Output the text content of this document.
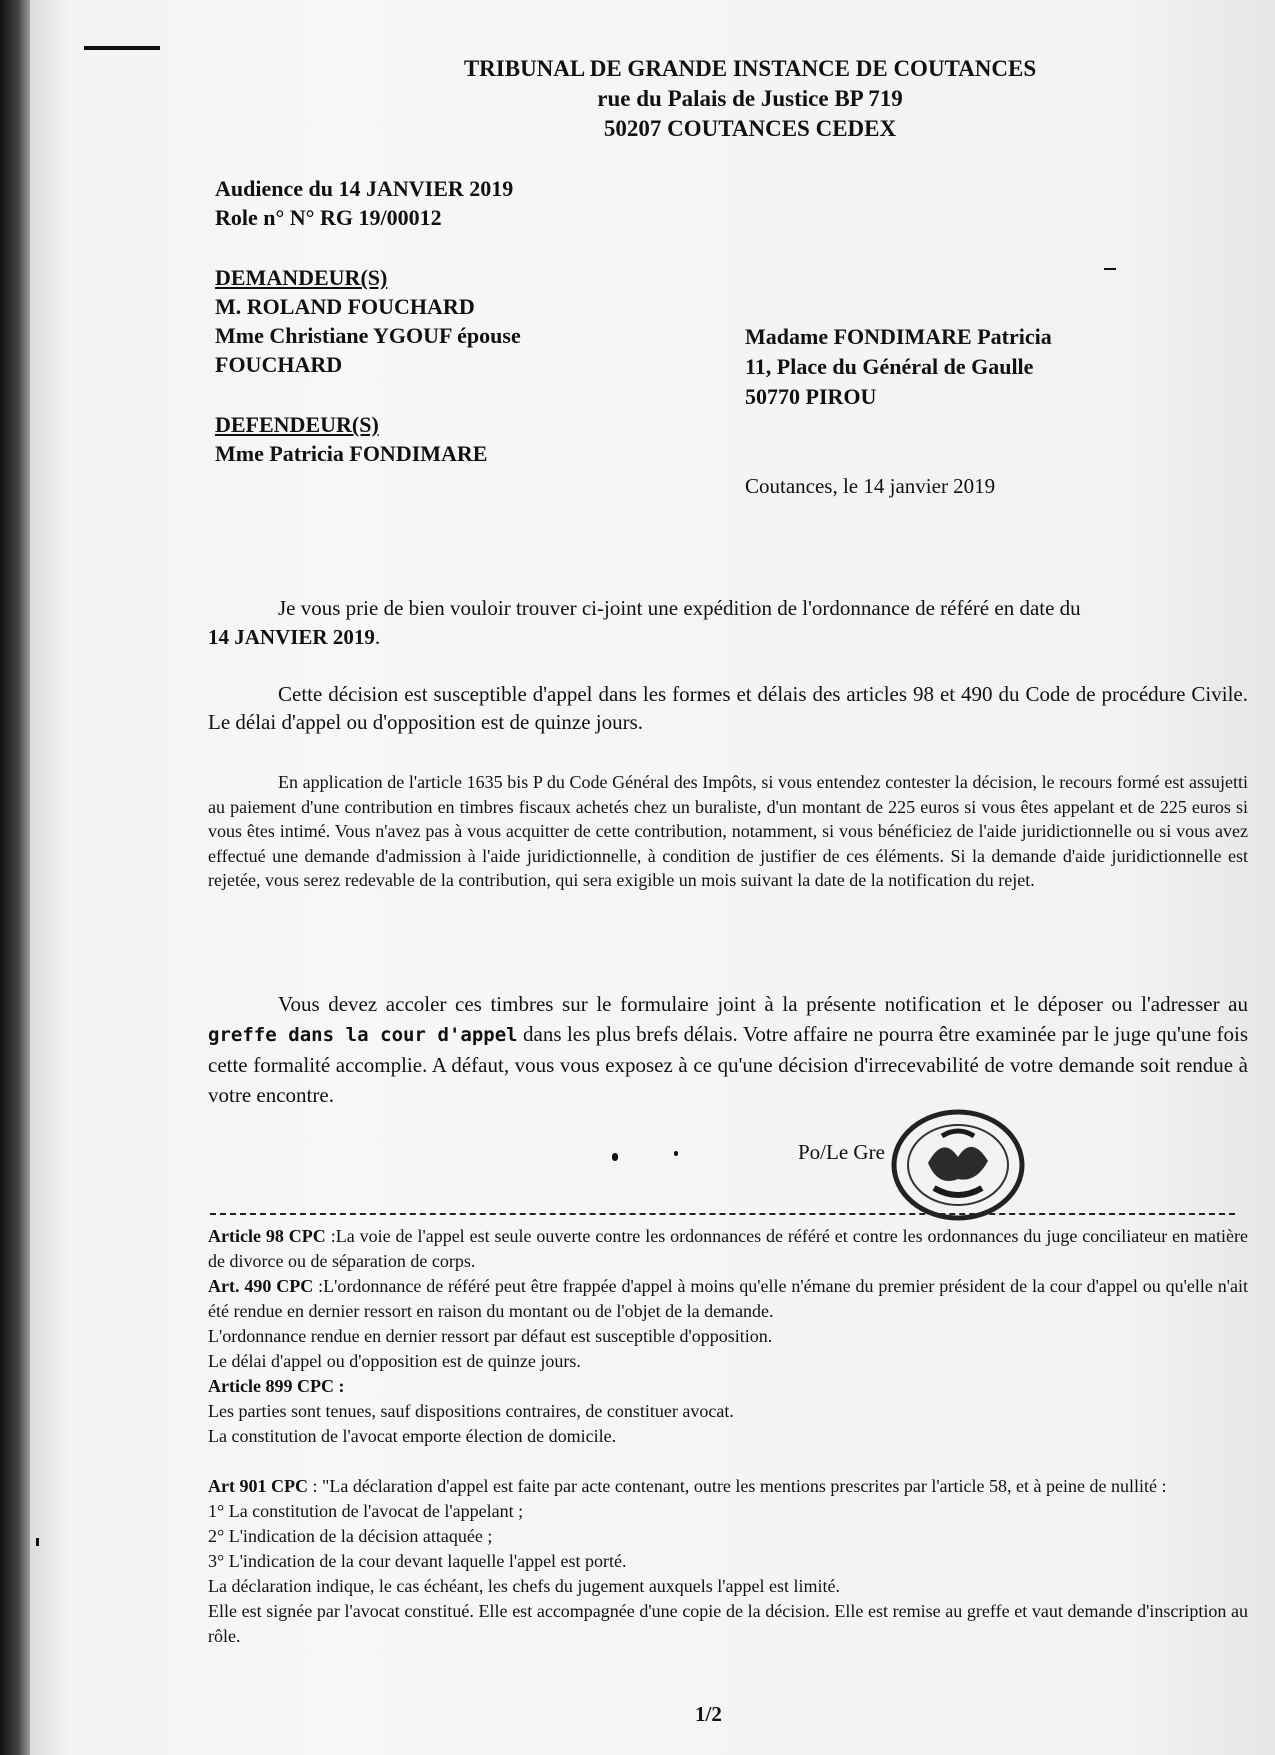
TRIBUNAL DE GRANDE INSTANCE DE COUTANCES
rue du Palais de Justice BP 719
50207 COUTANCES CEDEX
Audience du 14 JANVIER 2019
Role n° N° RG 19/00012
DEMANDEUR(S)
M. ROLAND FOUCHARD
Mme Christiane YGOUF épouse
FOUCHARD
DEFENDEUR(S)
Mme Patricia FONDIMARE
Madame FONDIMARE Patricia
11, Place du Général de Gaulle
50770 PIROU
Coutances, le 14 janvier 2019

Je vous prie de bien vouloir trouver ci-joint une expédition de l'ordonnance de référé en date du
14 JANVIER 2019.

Cette décision est susceptible d'appel dans les formes et délais des articles 98 et 490 du Code de procédure Civile. Le délai d'appel ou d'opposition est de quinze jours.

En application de l'article 1635 bis P du Code Général des Impôts, si vous entendez contester la décision, le recours formé est assujetti au paiement d'une contribution en timbres fiscaux achetés chez un buraliste, d'un montant de 225 euros si vous êtes appelant et de 225 euros si vous êtes intimé. Vous n'avez pas à vous acquitter de cette contribution, notamment, si vous bénéficiez de l'aide juridictionnelle ou si vous avez effectué une demande d'admission à l'aide juridictionnelle, à condition de justifier de ces éléments. Si la demande d'aide juridictionnelle est rejetée, vous serez redevable de la contribution, qui sera exigible un mois suivant la date de la notification du rejet.

Vous devez accoler ces timbres sur le formulaire joint à la présente notification et le déposer ou l'adresser au greffe dans la cour d'appel dans les plus brefs délais. Votre affaire ne pourra être examinée par le juge qu'une fois cette formalité accomplie. A défaut, vous vous exposez à ce qu'une décision d'irrecevabilité de votre demande soit rendue à votre encontre.

Po/Le Gre

Article 98 CPC :La voie de l'appel est seule ouverte contre les ordonnances de référé et contre les ordonnances du juge conciliateur en matière de divorce ou de séparation de corps.

Art. 490 CPC :L'ordonnance de référé peut être frappée d'appel à moins qu'elle n'émane du premier président de la cour d'appel ou qu'elle n'ait été rendue en dernier ressort en raison du montant ou de l'objet de la demande.

L'ordonnance rendue en dernier ressort par défaut est susceptible d'opposition.

Le délai d'appel ou d'opposition est de quinze jours.

Article 899 CPC :

Les parties sont tenues, sauf dispositions contraires, de constituer avocat.

La constitution de l'avocat emporte élection de domicile.

Art 901 CPC : "La déclaration d'appel est faite par acte contenant, outre les mentions prescrites par l'article 58, et à peine de nullité :

1° La constitution de l'avocat de l'appelant ;

2° L'indication de la décision attaquée ;

3° L'indication de la cour devant laquelle l'appel est porté.

La déclaration indique, le cas échéant, les chefs du jugement auxquels l'appel est limité.

Elle est signée par l'avocat constitué. Elle est accompagnée d'une copie de la décision. Elle est remise au greffe et vaut demande d'inscription au rôle.

1/2
